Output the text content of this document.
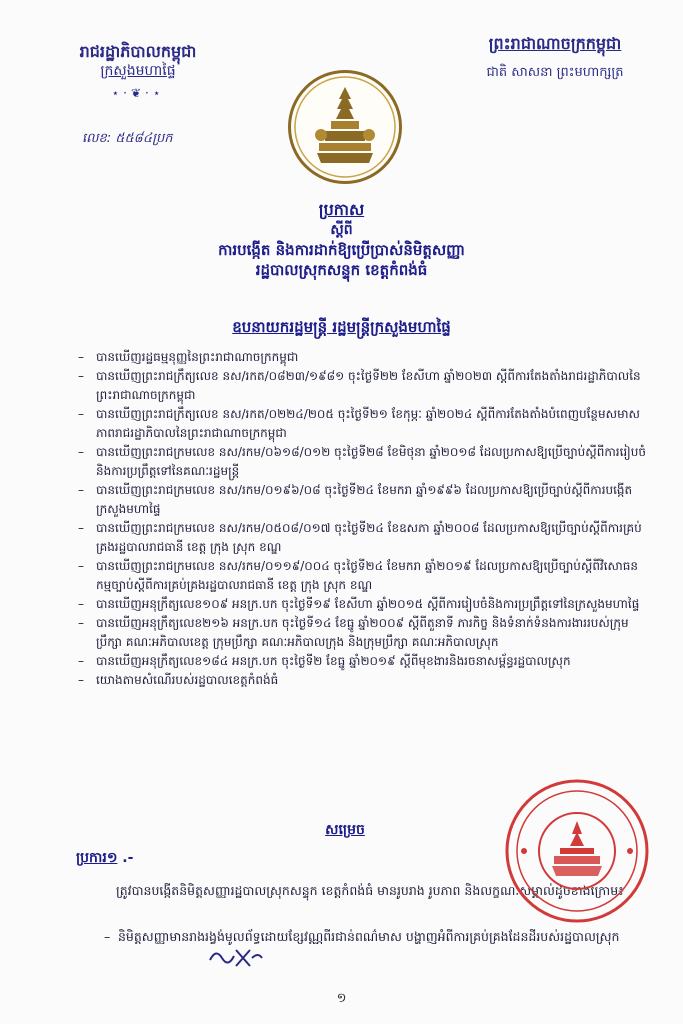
រាជរដ្ឋាភិបាលកម្ពុជា
ក្រសួងមហាផ្ទៃ
⋆·❦·⋆
លេខ: ៥៥៨៤ប្រក
ព្រះរាជាណាចក្រកម្ពុជា
ជាតិ សាសនា ព្រះមហាក្សត្រ
ប្រកាស
ស្តីពី
ការបង្កើត និងការដាក់ឱ្យប្រើប្រាស់និមិត្តសញ្ញា
រដ្ឋបាលស្រុកសន្ទុក ខេត្តកំពង់ធំ
ឧបនាយករដ្ឋមន្ត្រី រដ្ឋមន្ត្រីក្រសួងមហាផ្ទៃ
– បានឃើញរដ្ឋធម្មនុញ្ញនៃព្រះរាជាណាចក្រកម្ពុជា
– បានឃើញព្រះរាជក្រឹត្យលេខ នស/រកត/០៨២៣/១៩៨១ ចុះថ្ងៃទី២២ ខែសីហា ឆ្នាំ២០២៣ ស្តីពីការតែងតាំងរាជរដ្ឋាភិបាលនៃព្រះរាជាណាចក្រកម្ពុជា
– បានឃើញព្រះរាជក្រឹត្យលេខ នស/រកត/០២២៤/២០៥ ចុះថ្ងៃទី២១ ខែកុម្ភៈ ឆ្នាំ២០២៤ ស្តីពីការតែងតាំងបំពេញបន្ថែមសមាសភាពរាជរដ្ឋាភិបាលនៃព្រះរាជាណាចក្រកម្ពុជា
– បានឃើញព្រះរាជក្រមលេខ នស/រកម/០៦១៨/០១២ ចុះថ្ងៃទី២៨ ខែមិថុនា ឆ្នាំ២០១៨ ដែលប្រកាសឱ្យប្រើច្បាប់ស្តីពីការរៀបចំនិងការប្រព្រឹត្តទៅនៃគណៈរដ្ឋមន្ត្រី
– បានឃើញព្រះរាជក្រមលេខ នស/រកម/០១៩៦/០៨ ចុះថ្ងៃទី២៤ ខែមករា ឆ្នាំ១៩៩៦ ដែលប្រកាសឱ្យប្រើច្បាប់ស្តីពីការបង្កើតក្រសួងមហាផ្ទៃ
– បានឃើញព្រះរាជក្រមលេខ នស/រកម/០៥០៨/០១៧ ចុះថ្ងៃទី២៤ ខែឧសភា ឆ្នាំ២០០៨ ដែលប្រកាសឱ្យប្រើច្បាប់ស្តីពីការគ្រប់គ្រងរដ្ឋបាលរាជធានី ខេត្ត ក្រុង ស្រុក ខណ្ឌ
– បានឃើញព្រះរាជក្រមលេខ នស/រកម/០១១៩/០០៤ ចុះថ្ងៃទី២៤ ខែមករា ឆ្នាំ២០១៩ ដែលប្រកាសឱ្យប្រើច្បាប់ស្តីពីវិសោធនកម្មច្បាប់ស្តីពីការគ្រប់គ្រងរដ្ឋបាលរាជធានី ខេត្ត ក្រុង ស្រុក ខណ្ឌ
– បានឃើញអនុក្រឹត្យលេខ១០៩ អនក្រ.បក ចុះថ្ងៃទី១៩ ខែសីហា ឆ្នាំ២០១៥ ស្តីពីការរៀបចំនិងការប្រព្រឹត្តទៅនៃក្រសួងមហាផ្ទៃ
– បានឃើញអនុក្រឹត្យលេខ២១៦ អនក្រ.បក ចុះថ្ងៃទី១៤ ខែធ្នូ ឆ្នាំ២០០៩ ស្តីពីតួនាទី ភារកិច្ច និងទំនាក់ទំនងការងាររបស់ក្រុមប្រឹក្សា គណៈអភិបាលខេត្ត ក្រុមប្រឹក្សា គណៈអភិបាលក្រុង និងក្រុមប្រឹក្សា គណៈអភិបាលស្រុក
– បានឃើញអនុក្រឹត្យលេខ១៨៤ អនក្រ.បក ចុះថ្ងៃទី២ ខែធ្នូ ឆ្នាំ២០១៩ ស្តីពីមុខងារនិងរចនាសម្ព័ន្ធរដ្ឋបាលស្រុក
– យោងតាមសំណើរបស់រដ្ឋបាលខេត្តកំពង់ធំ
សម្រេច
ប្រការ១ .-
ត្រូវបានបង្កើតនិមិត្តសញ្ញារដ្ឋបាលស្រុកសន្ទុក ខេត្តកំពង់ធំ មានរូបរាង រូបភាព និងលក្ខណៈសម្គាល់ដូចខាងក្រោម៖
– និមិត្តសញ្ញាមានរាងរង្វង់មូលព័ទ្ធដោយខ្សែវណ្ណពីរជាន់ពណ៌មាស បង្ហាញអំពីការគ្រប់គ្រងដែនដីរបស់រដ្ឋបាលស្រុក
១
